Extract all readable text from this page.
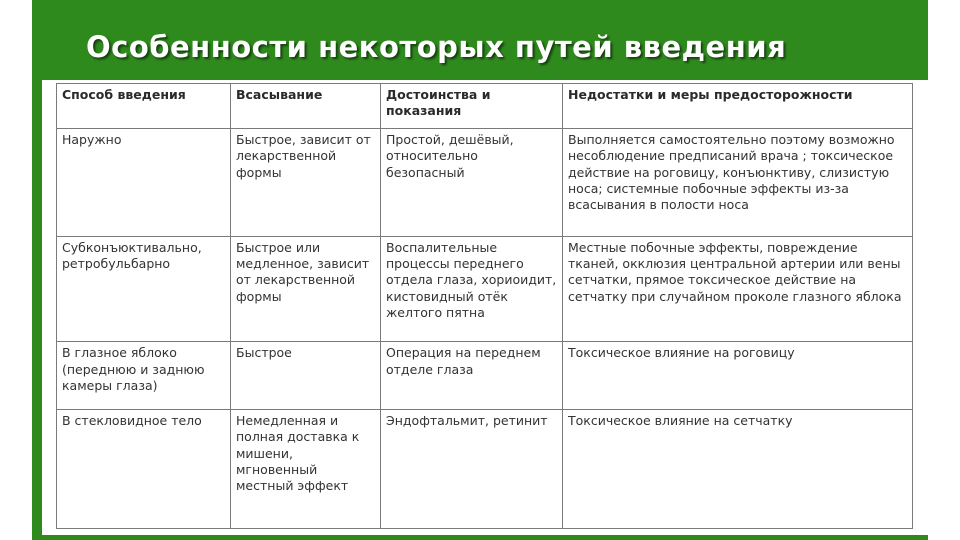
Особенности некоторых путей введения
Способ введения	Всасывание	Достоинства и показания	Недостатки и меры предосторожности
Наружно	Быстрое, зависит от лекарственной формы	Простой, дешёвый, относительно безопасный	Выполняется самостоятельно поэтому возможно несоблюдение предписаний врача ; токсическое действие на роговицу, конъюнктиву, слизистую носа; системные побочные эффекты из-за всасывания в полости носа
Субконъюктивально, ретробульбарно	Быстрое или медленное, зависит от лекарственной формы	Воспалительные процессы переднего отдела глаза, хориоидит, кистовидный отёк желтого пятна	Местные побочные эффекты, повреждение тканей, окклюзия центральной артерии или вены сетчатки, прямое токсическое действие на сетчатку при случайном проколе глазного яблока
В глазное яблоко (переднюю и заднюю камеры глаза)	Быстрое	Операция на переднем отделе глаза	Токсическое влияние на роговицу
В стекловидное тело	Немедленная и полная доставка к мишени, мгновенный местный эффект	Эндофтальмит, ретинит	Токсическое влияние на сетчатку
